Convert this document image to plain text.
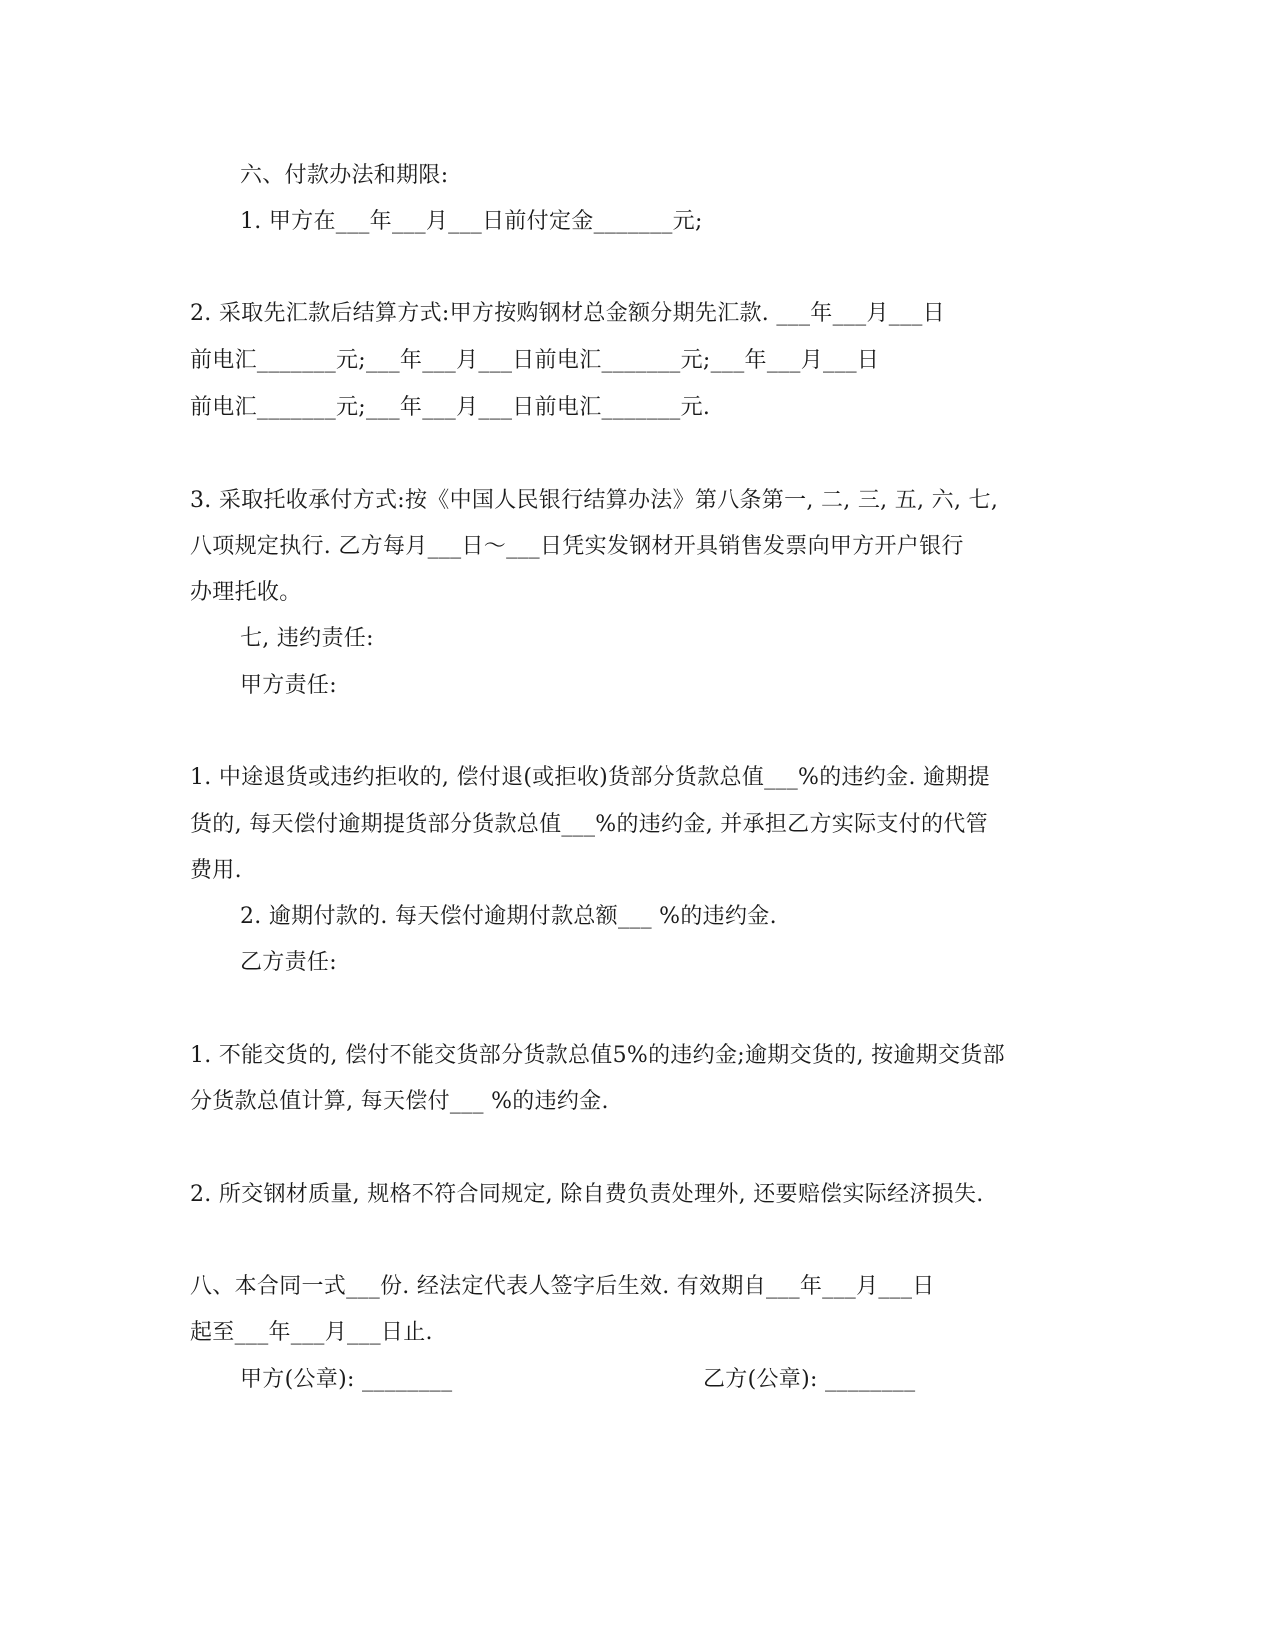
六、付款办法和期限:
1. 甲方在___年___月___日前付定金_______元;
2. 采取先汇款后结算方式:甲方按购钢材总金额分期先汇款. ___年___月___日
前电汇_______元;___年___月___日前电汇_______元;___年___月___日
前电汇_______元;___年___月___日前电汇_______元.
3. 采取托收承付方式:按《中国人民银行结算办法》第八条第一, 二, 三, 五, 六, 七,
八项规定执行. 乙方每月___日～___日凭实发钢材开具销售发票向甲方开户银行
办理托收。
七, 违约责任:
甲方责任:
1. 中途退货或违约拒收的, 偿付退(或拒收)货部分货款总值___%的违约金. 逾期提
货的, 每天偿付逾期提货部分货款总值___%的违约金, 并承担乙方实际支付的代管
费用.
2. 逾期付款的. 每天偿付逾期付款总额___ %的违约金.
乙方责任:
1. 不能交货的, 偿付不能交货部分货款总值5%的违约金;逾期交货的, 按逾期交货部
分货款总值计算, 每天偿付___ %的违约金.
2. 所交钢材质量, 规格不符合同规定, 除自费负责处理外, 还要赔偿实际经济损失.
八、本合同一式___份. 经法定代表人签字后生效. 有效期自___年___月___日
起至___年___月___日止.
甲方(公章): ________	乙方(公章): ________
